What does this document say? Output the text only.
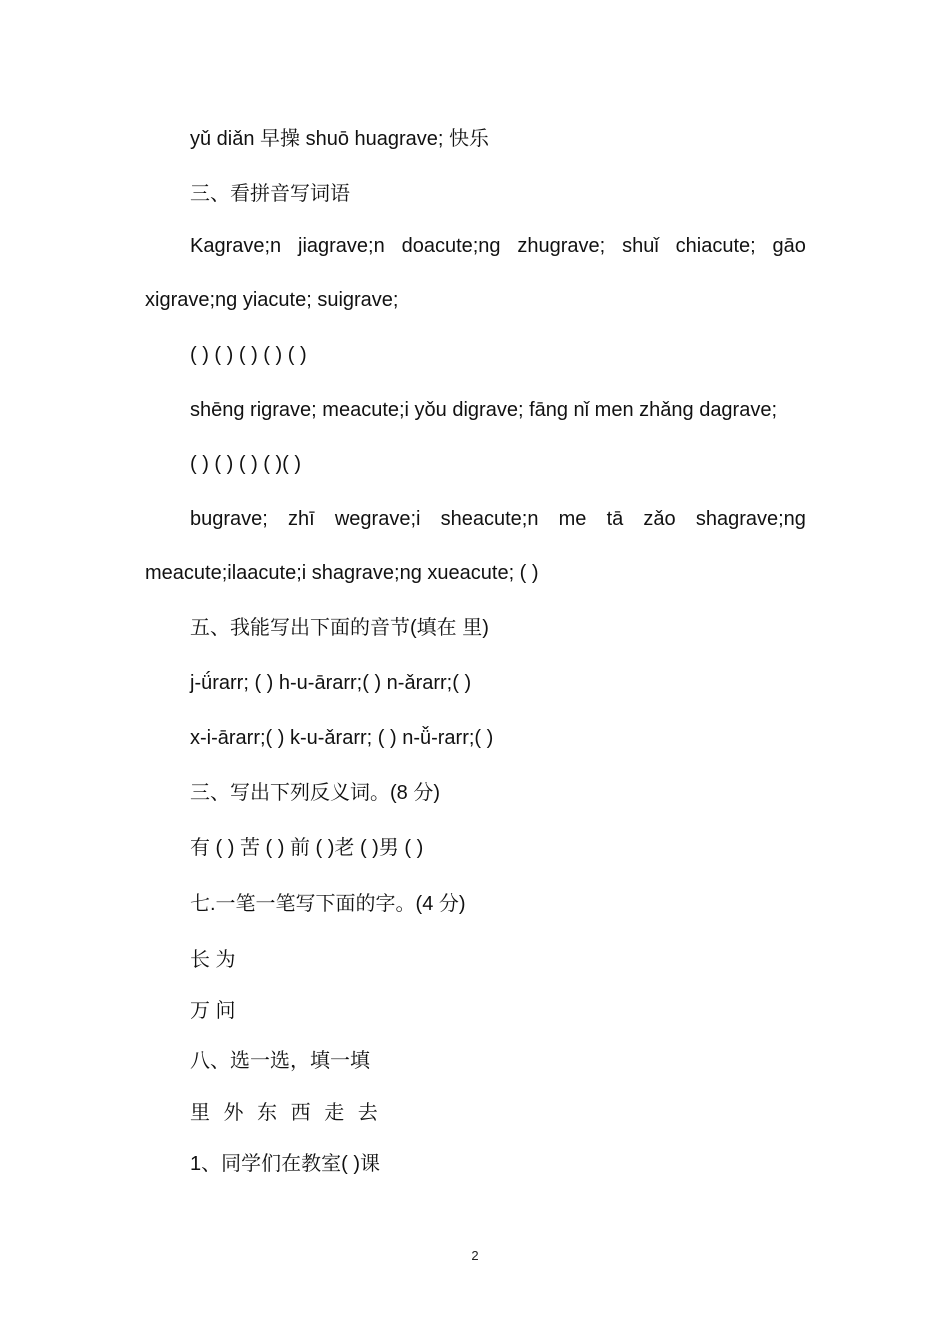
yǔ diǎn 早操 shuō huagrave; 快乐
三、看拼音写词语
Kagrave;n jiagrave;n doacute;ng zhugrave; shuǐ chiacute; gāo
xigrave;ng yiacute; suigrave;
( ) ( ) ( ) ( ) ( )
shēng rigrave; meacute;i yǒu digrave; fāng nǐ men zhǎng dagrave;
( ) ( ) ( ) ( )( )
bugrave; zhī wegrave;i sheacute;n me tā zǎo shagrave;ng
meacute;ilaacute;i shagrave;ng xueacute; ( )
五、我能写出下面的音节(填在 里)
j-ǘrarr; ( ) h-u-ārarr;( ) n-ǎrarr;( )
x-i-ārarr;( ) k-u-ǎrarr; ( ) n-ǚ-rarr;( )
三、写出下列反义词。(8 分)
有 ( ) 苦 ( ) 前 ( )老 ( )男 ( )
七.一笔一笔写下面的字。(4 分)
长 为
万 问
八、选一选，填一填
里 外 东 西 走 去
1、同学们在教室( )课
2
